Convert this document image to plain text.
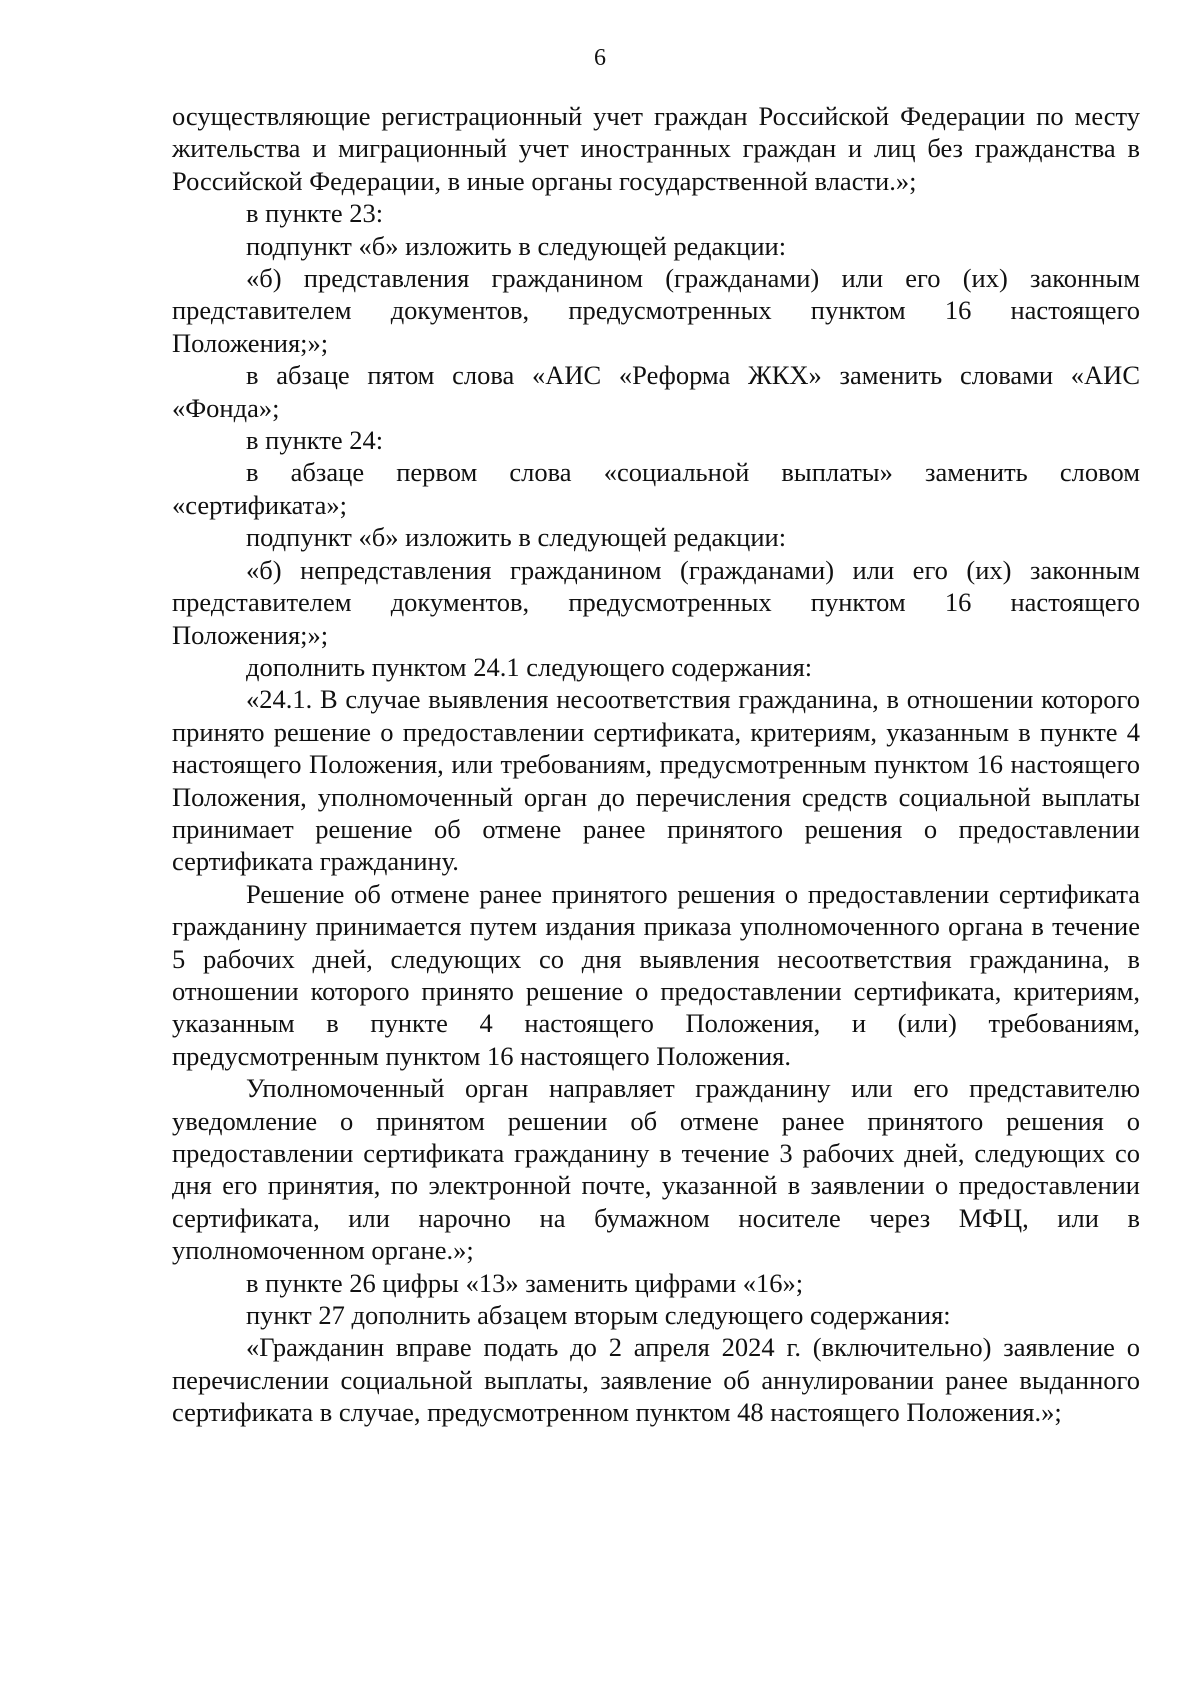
6

осуществляющие регистрационный учет граждан Российской Федерации по месту жительства и миграционный учет иностранных граждан и лиц без гражданства в Российской Федерации, в иные органы государственной власти.»;

в пункте 23:

подпункт «б» изложить в следующей редакции:

«б) представления гражданином (гражданами) или его (их) законным представителем документов, предусмотренных пунктом 16 настоящего Положения;»;

в абзаце пятом слова «АИС «Реформа ЖКХ» заменить словами «АИС «Фонда»;

в пункте 24:

в абзаце первом слова «социальной выплаты» заменить словом «сертификата»;

подпункт «б» изложить в следующей редакции:

«б) непредставления гражданином (гражданами) или его (их) законным представителем документов, предусмотренных пунктом 16 настоящего Положения;»;

дополнить пунктом 24.1 следующего содержания:

«24.1. В случае выявления несоответствия гражданина, в отношении которого принято решение о предоставлении сертификата, критериям, указанным в пункте 4 настоящего Положения, или требованиям, предусмотренным пунктом 16 настоящего Положения, уполномоченный орган до перечисления средств социальной выплаты принимает решение об отмене ранее принятого решения о предоставлении сертификата гражданину.

Решение об отмене ранее принятого решения о предоставлении сертификата гражданину принимается путем издания приказа уполномоченного органа в течение 5 рабочих дней, следующих со дня выявления несоответствия гражданина, в отношении которого принято решение о предоставлении сертификата, критериям, указанным в пункте 4 настоящего Положения, и (или) требованиям, предусмотренным пунктом 16 настоящего Положения.

Уполномоченный орган направляет гражданину или его представителю уведомление о принятом решении об отмене ранее принятого решения о предоставлении сертификата гражданину в течение 3 рабочих дней, следующих со дня его принятия, по электронной почте, указанной в заявлении о предоставлении сертификата, или нарочно на бумажном носителе через МФЦ, или в уполномоченном органе.»;

в пункте 26 цифры «13» заменить цифрами «16»;

пункт 27 дополнить абзацем вторым следующего содержания:

«Гражданин вправе подать до 2 апреля 2024 г. (включительно) заявление о перечислении социальной выплаты, заявление об аннулировании ранее выданного сертификата в случае, предусмотренном пунктом 48 настоящего Положения.»;
